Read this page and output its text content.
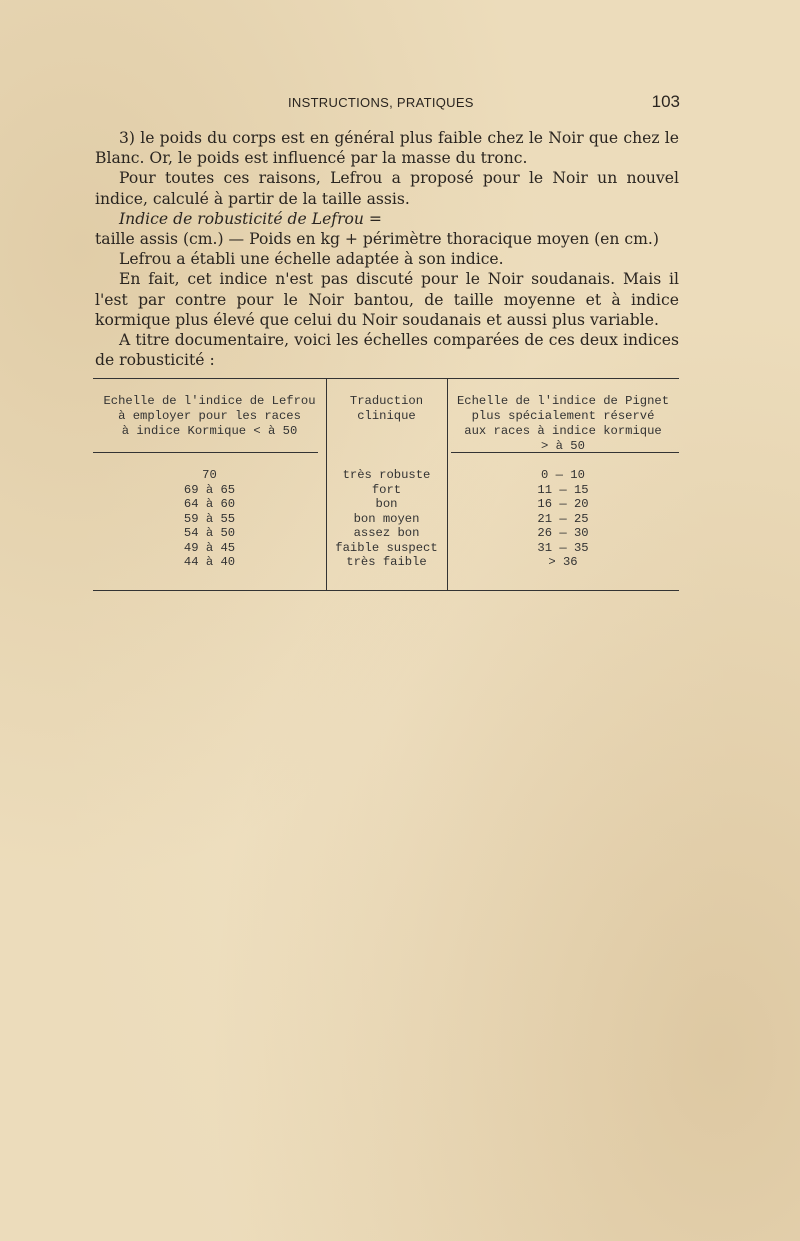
INSTRUCTIONS, PRATIQUES	103

3) le poids du corps est en général plus faible chez le Noir que chez le Blanc. Or, le poids est influencé par la masse du tronc.

Pour toutes ces raisons, Lefrou a proposé pour le Noir un nouvel indice, calculé à partir de la taille assis.

Indice de robusticité de Lefrou =

taille assis (cm.) — Poids en kg + périmètre thoracique moyen (en cm.)

Lefrou a établi une échelle adaptée à son indice.

En fait, cet indice n'est pas discuté pour le Noir soudanais. Mais il l'est par contre pour le Noir bantou, de taille moyenne et à indice kormique plus élevé que celui du Noir soudanais et aussi plus variable.

A titre documentaire, voici les échelles comparées de ces deux indices de robusticité :

Echelle de l'indice de Lefrou
à employer pour les races
à indice Kormique < à 50
Traduction
clinique
Echelle de l'indice de Pignet
plus spécialement réservé
aux races à indice kormique
> à 50
70
69 à 65
64 à 60
59 à 55
54 à 50
49 à 45
44 à 40
très robuste
fort
bon
bon moyen
assez bon
faible suspect
très faible
0 — 10
11 — 15
16 — 20
21 — 25
26 — 30
31 — 35
> 36
